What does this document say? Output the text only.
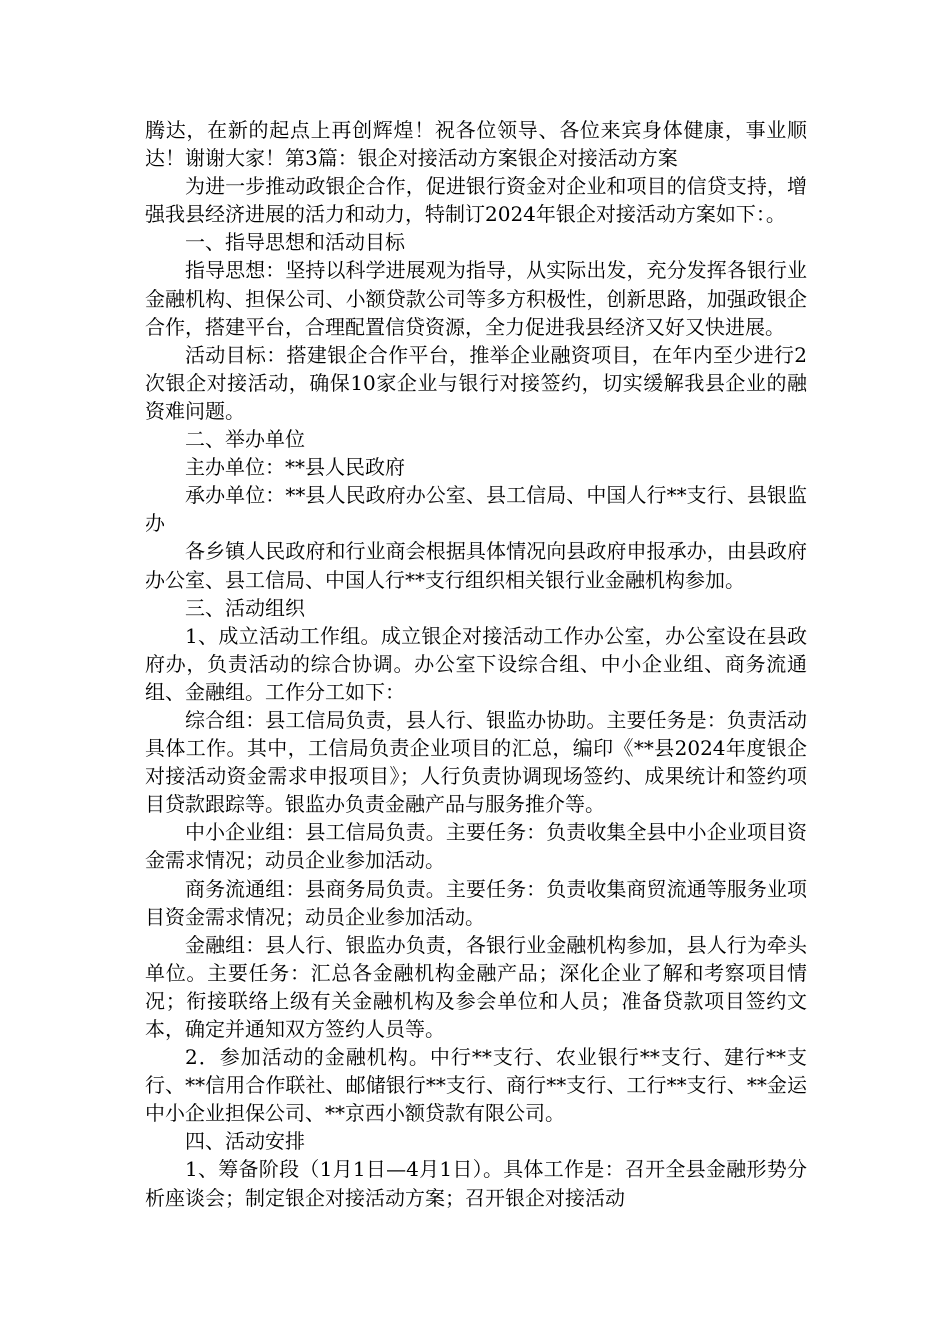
腾达，在新的起点上再创辉煌！祝各位领导、各位来宾身体健康，事业顺达！谢谢大家！第3篇：银企对接活动方案银企对接活动方案

为进一步推动政银企合作，促进银行资金对企业和项目的信贷支持，增强我县经济进展的活力和动力，特制订2024年银企对接活动方案如下：。

一、指导思想和活动目标

指导思想：坚持以科学进展观为指导，从实际出发，充分发挥各银行业金融机构、担保公司、小额贷款公司等多方积极性，创新思路，加强政银企合作，搭建平台，合理配置信贷资源，全力促进我县经济又好又快进展。

活动目标：搭建银企合作平台，推举企业融资项目，在年内至少进行2次银企对接活动，确保10家企业与银行对接签约，切实缓解我县企业的融资难问题。

二、举办单位

主办单位：**县人民政府

承办单位：**县人民政府办公室、县工信局、中国人行**支行、县银监办

各乡镇人民政府和行业商会根据具体情况向县政府申报承办，由县政府办公室、县工信局、中国人行**支行组织相关银行业金融机构参加。

三、活动组织

1、成立活动工作组。成立银企对接活动工作办公室，办公室设在县政府办，负责活动的综合协调。办公室下设综合组、中小企业组、商务流通组、金融组。工作分工如下：

综合组：县工信局负责，县人行、银监办协助。主要任务是：负责活动具体工作。其中，工信局负责企业项目的汇总，编印《**县2024年度银企对接活动资金需求申报项目》；人行负责协调现场签约、成果统计和签约项目贷款跟踪等。银监办负责金融产品与服务推介等。

中小企业组：县工信局负责。主要任务：负责收集全县中小企业项目资金需求情况；动员企业参加活动。

商务流通组：县商务局负责。主要任务：负责收集商贸流通等服务业项目资金需求情况；动员企业参加活动。

金融组：县人行、银监办负责，各银行业金融机构参加，县人行为牵头单位。主要任务：汇总各金融机构金融产品；深化企业了解和考察项目情况；衔接联络上级有关金融机构及参会单位和人员；准备贷款项目签约文本，确定并通知双方签约人员等。

2．参加活动的金融机构。中行**支行、农业银行**支行、建行**支行、**信用合作联社、邮储银行**支行、商行**支行、工行**支行、**金运中小企业担保公司、**京西小额贷款有限公司。

四、活动安排

1、筹备阶段（1月1日—4月1日）。具体工作是：召开全县金融形势分析座谈会；制定银企对接活动方案；召开银企对接活动
